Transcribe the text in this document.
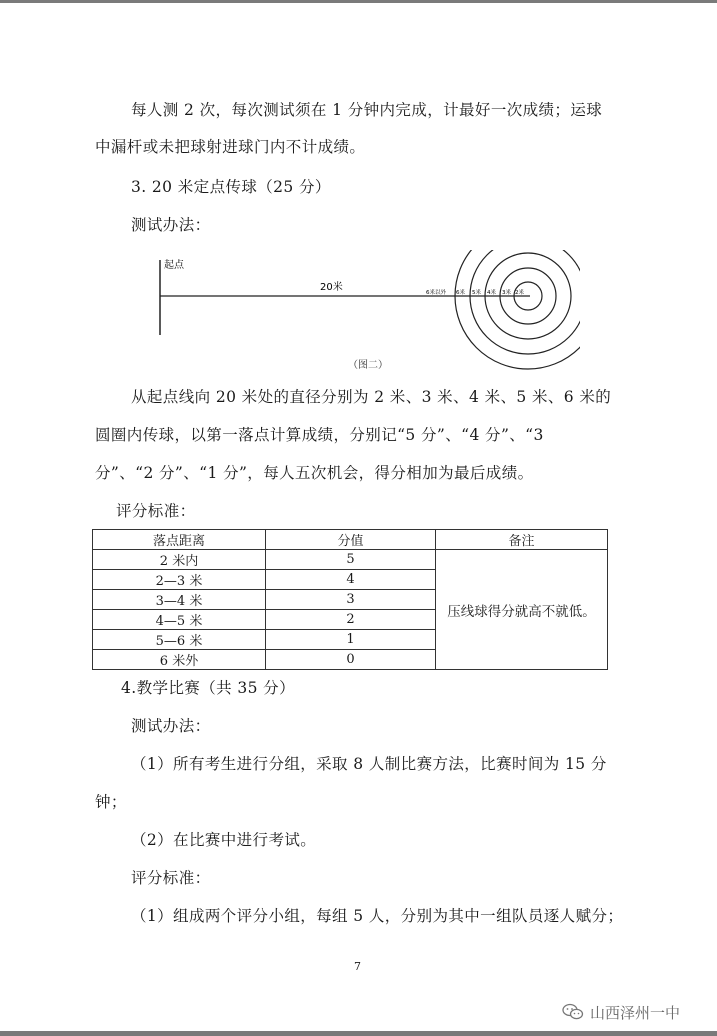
每人测 2 次，每次测试须在 1 分钟内完成，计最好一次成绩；运球
中漏杆或未把球射进球门内不计成绩。
3. 20 米定点传球（25 分）
测试办法：
起点
20米	6米以外 6米 5米 4米 3米 2米
（图二）
从起点线向 20 米处的直径分别为 2 米、3 米、4 米、5 米、6 米的
圆圈内传球，以第一落点计算成绩，分别记“5 分”、“4 分”、“3
分”、“2 分”、“1 分”，每人五次机会，得分相加为最后成绩。
评分标准：
落点距离	分值	备注
2 米内	5	压线球得分就高不就低。
2—3 米	4	
3—4 米	3	
4—5 米	2	
5—6 米	1	
6 米外	0	
4.教学比赛（共 35 分）
测试办法：
（1）所有考生进行分组，采取 8 人制比赛方法，比赛时间为 15 分
钟；
（2）在比赛中进行考试。
评分标准：
（1）组成两个评分小组，每组 5 人，分别为其中一组队员逐人赋分；
7
山西泽州一中
